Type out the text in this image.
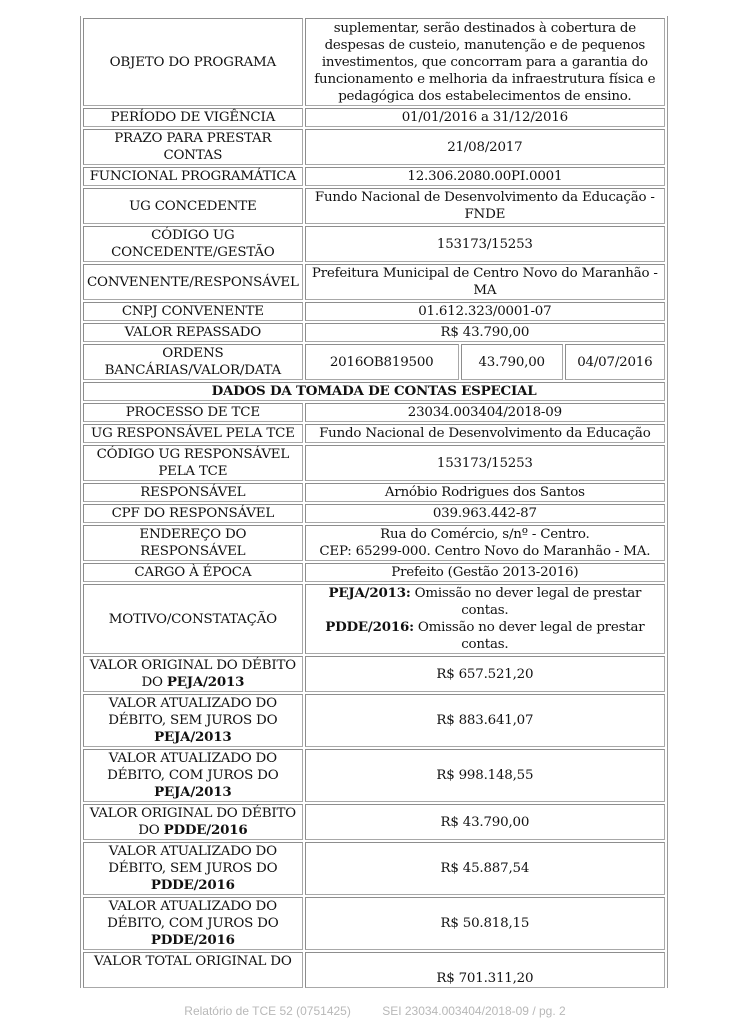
OBJETO DO PROGRAMA	suplementar, serão destinados à cobertura de
despesas de custeio, manutenção e de pequenos
investimentos, que concorram para a garantia do
funcionamento e melhoria da infraestrutura física e
pedagógica dos estabelecimentos de ensino.		

PERÍODO DE VIGÊNCIA	01/01/2016 a 31/12/2016		
PRAZO PARA PRESTAR CONTAS	21/08/2017		
FUNCIONAL PROGRAMÁTICA	12.306.2080.00PI.0001		
UG CONCEDENTE	Fundo Nacional de Desenvolvimento da Educação - FNDE		
CÓDIGO UG CONCEDENTE/GESTÃO	153173/15253		
CONVENENTE/RESPONSÁVEL	Prefeitura Municipal de Centro Novo do Maranhão - MA		
CNPJ CONVENENTE	01.612.323/0001-07		
VALOR REPASSADO	R$ 43.790,00		
ORDENS BANCÁRIAS/VALOR/DATA	2016OB819500	43.790,00	04/07/2016
DADOS DA TOMADA DE CONTAS ESPECIAL			
PROCESSO DE TCE	23034.003404/2018-09		
UG RESPONSÁVEL PELA TCE	Fundo Nacional de Desenvolvimento da Educação		
CÓDIGO UG RESPONSÁVEL PELA TCE	153173/15253		
RESPONSÁVEL	Arnóbio Rodrigues dos Santos		
CPF DO RESPONSÁVEL	039.963.442-87		
ENDEREÇO DO RESPONSÁVEL	Rua do Comércio, s/nº - Centro.
CEP: 65299-000. Centro Novo do Maranhão - MA.		

CARGO À ÉPOCA	Prefeito (Gestão 2013-2016)		
MOTIVO/CONSTATAÇÃO	PEJA/2013: Omissão no dever legal de prestar contas.
PDDE/2016: Omissão no dever legal de prestar contas.		

VALOR ORIGINAL DO DÉBITO DO PEJA/2013	R$ 657.521,20		
VALOR ATUALIZADO DO DÉBITO, SEM JUROS DO
PEJA/2013	R$ 883.641,07		
VALOR ATUALIZADO DO DÉBITO, COM JUROS DO
PEJA/2013	R$ 998.148,55		
VALOR ORIGINAL DO DÉBITO DO PDDE/2016	R$ 43.790,00		
VALOR ATUALIZADO DO DÉBITO, SEM JUROS DO
PDDE/2016	R$ 45.887,54		
VALOR ATUALIZADO DO DÉBITO, COM JUROS DO
PDDE/2016	R$ 50.818,15		
VALOR TOTAL ORIGINAL DO	R$ 701.311,20		
Relatório de TCE 52 (0751425)	SEI 23034.003404/2018-09 / pg. 2
